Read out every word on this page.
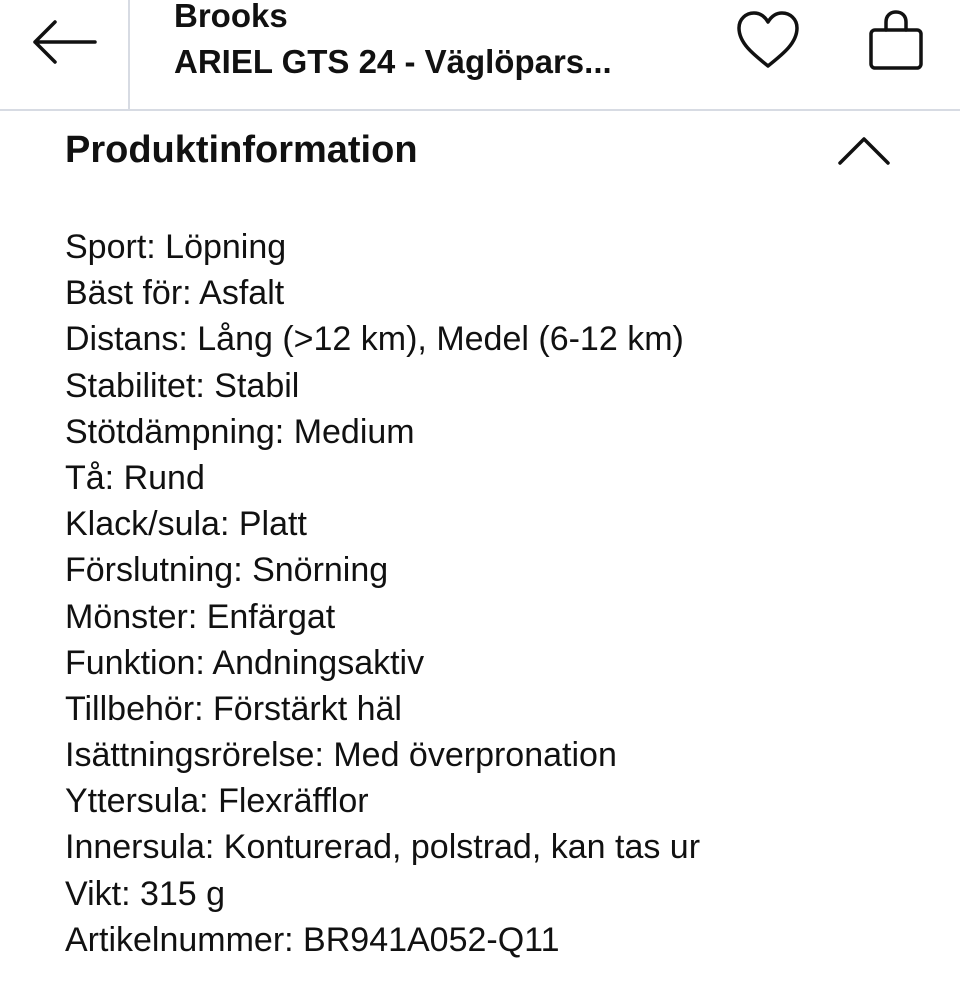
Brooks
ARIEL GTS 24 - Väglöpars...
Produktinformation
Sport: Löpning
Bäst för: Asfalt
Distans: Lång (>12 km), Medel (6-12 km)
Stabilitet: Stabil
Stötdämpning: Medium
Tå: Rund
Klack/sula: Platt
Förslutning: Snörning
Mönster: Enfärgat
Funktion: Andningsaktiv
Tillbehör: Förstärkt häl
Isättningsrörelse: Med överpronation
Yttersula: Flexräfflor
Innersula: Konturerad, polstrad, kan tas ur
Vikt: 315 g
Artikelnummer: BR941A052-Q11
